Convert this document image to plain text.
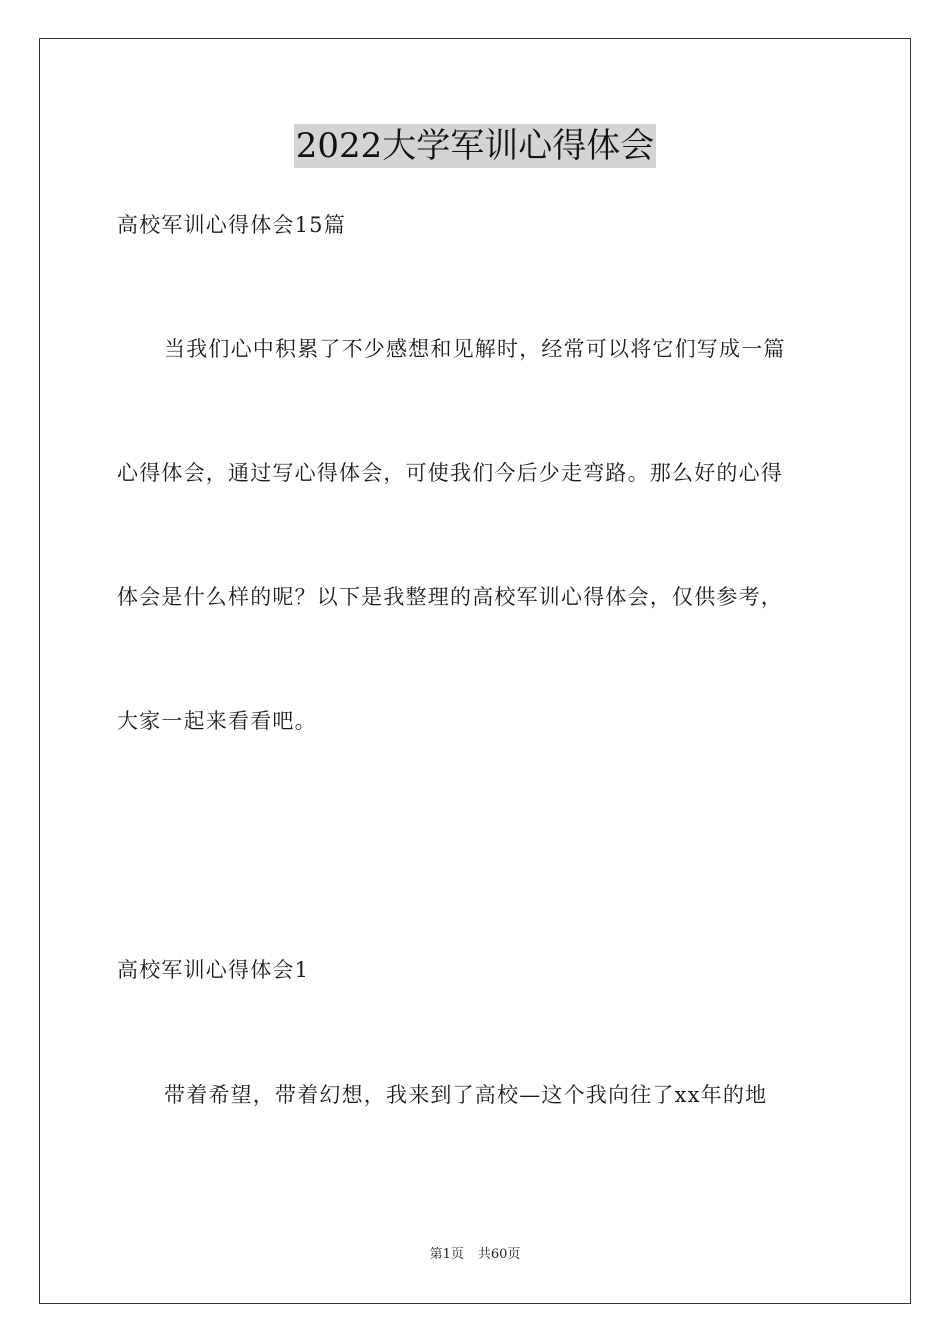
2022大学军训心得体会
高校军训心得体会15篇
当我们心中积累了不少感想和见解时，经常可以将它们写成一篇
心得体会，通过写心得体会，可使我们今后少走弯路。那么好的心得
体会是什么样的呢？以下是我整理的高校军训心得体会，仅供参考，
大家一起来看看吧。
高校军训心得体会1
带着希望，带着幻想，我来到了高校—这个我向往了xx年的地
第1页 共60页
